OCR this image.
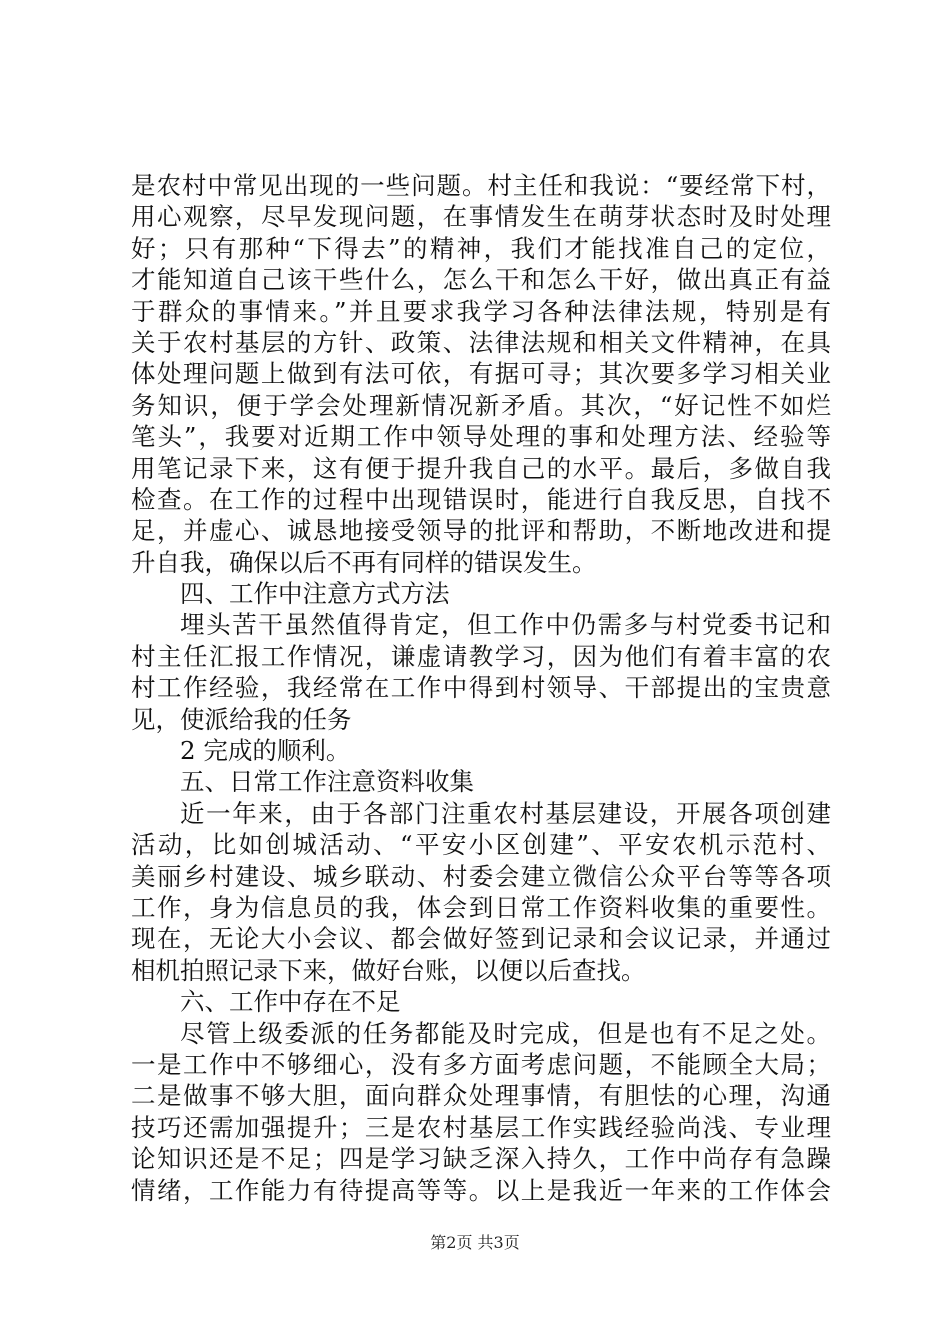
是农村中常见出现的一些问题。村主任和我说：“要经常下村，
用心观察，尽早发现问题，在事情发生在萌芽状态时及时处理
好；只有那种“下得去”的精神，我们才能找准自己的定位，
才能知道自己该干些什么，怎么干和怎么干好，做出真正有益
于群众的事情来。”并且要求我学习各种法律法规，特别是有
关于农村基层的方针、政策、法律法规和相关文件精神，在具
体处理问题上做到有法可依，有据可寻；其次要多学习相关业
务知识，便于学会处理新情况新矛盾。其次，“好记性不如烂
笔头”，我要对近期工作中领导处理的事和处理方法、经验等
用笔记录下来，这有便于提升我自己的水平。最后，多做自我
检查。在工作的过程中出现错误时，能进行自我反思，自找不
足，并虚心、诚恳地接受领导的批评和帮助，不断地改进和提
升自我，确保以后不再有同样的错误发生。
四、工作中注意方式方法
埋头苦干虽然值得肯定，但工作中仍需多与村党委书记和
村主任汇报工作情况，谦虚请教学习，因为他们有着丰富的农
村工作经验，我经常在工作中得到村领导、干部提出的宝贵意
见，使派给我的任务
2 完成的顺利。
五、日常工作注意资料收集
近一年来，由于各部门注重农村基层建设，开展各项创建
活动，比如创城活动、“平安小区创建”、平安农机示范村、
美丽乡村建设、城乡联动、村委会建立微信公众平台等等各项
工作，身为信息员的我，体会到日常工作资料收集的重要性。
现在，无论大小会议、都会做好签到记录和会议记录，并通过
相机拍照记录下来，做好台账，以便以后查找。
六、工作中存在不足
尽管上级委派的任务都能及时完成，但是也有不足之处。
一是工作中不够细心，没有多方面考虑问题，不能顾全大局；
二是做事不够大胆，面向群众处理事情，有胆怯的心理，沟通
技巧还需加强提升；三是农村基层工作实践经验尚浅、专业理
论知识还是不足；四是学习缺乏深入持久，工作中尚存有急躁
情绪，工作能力有待提高等等。以上是我近一年来的工作体会
第2页 共3页
